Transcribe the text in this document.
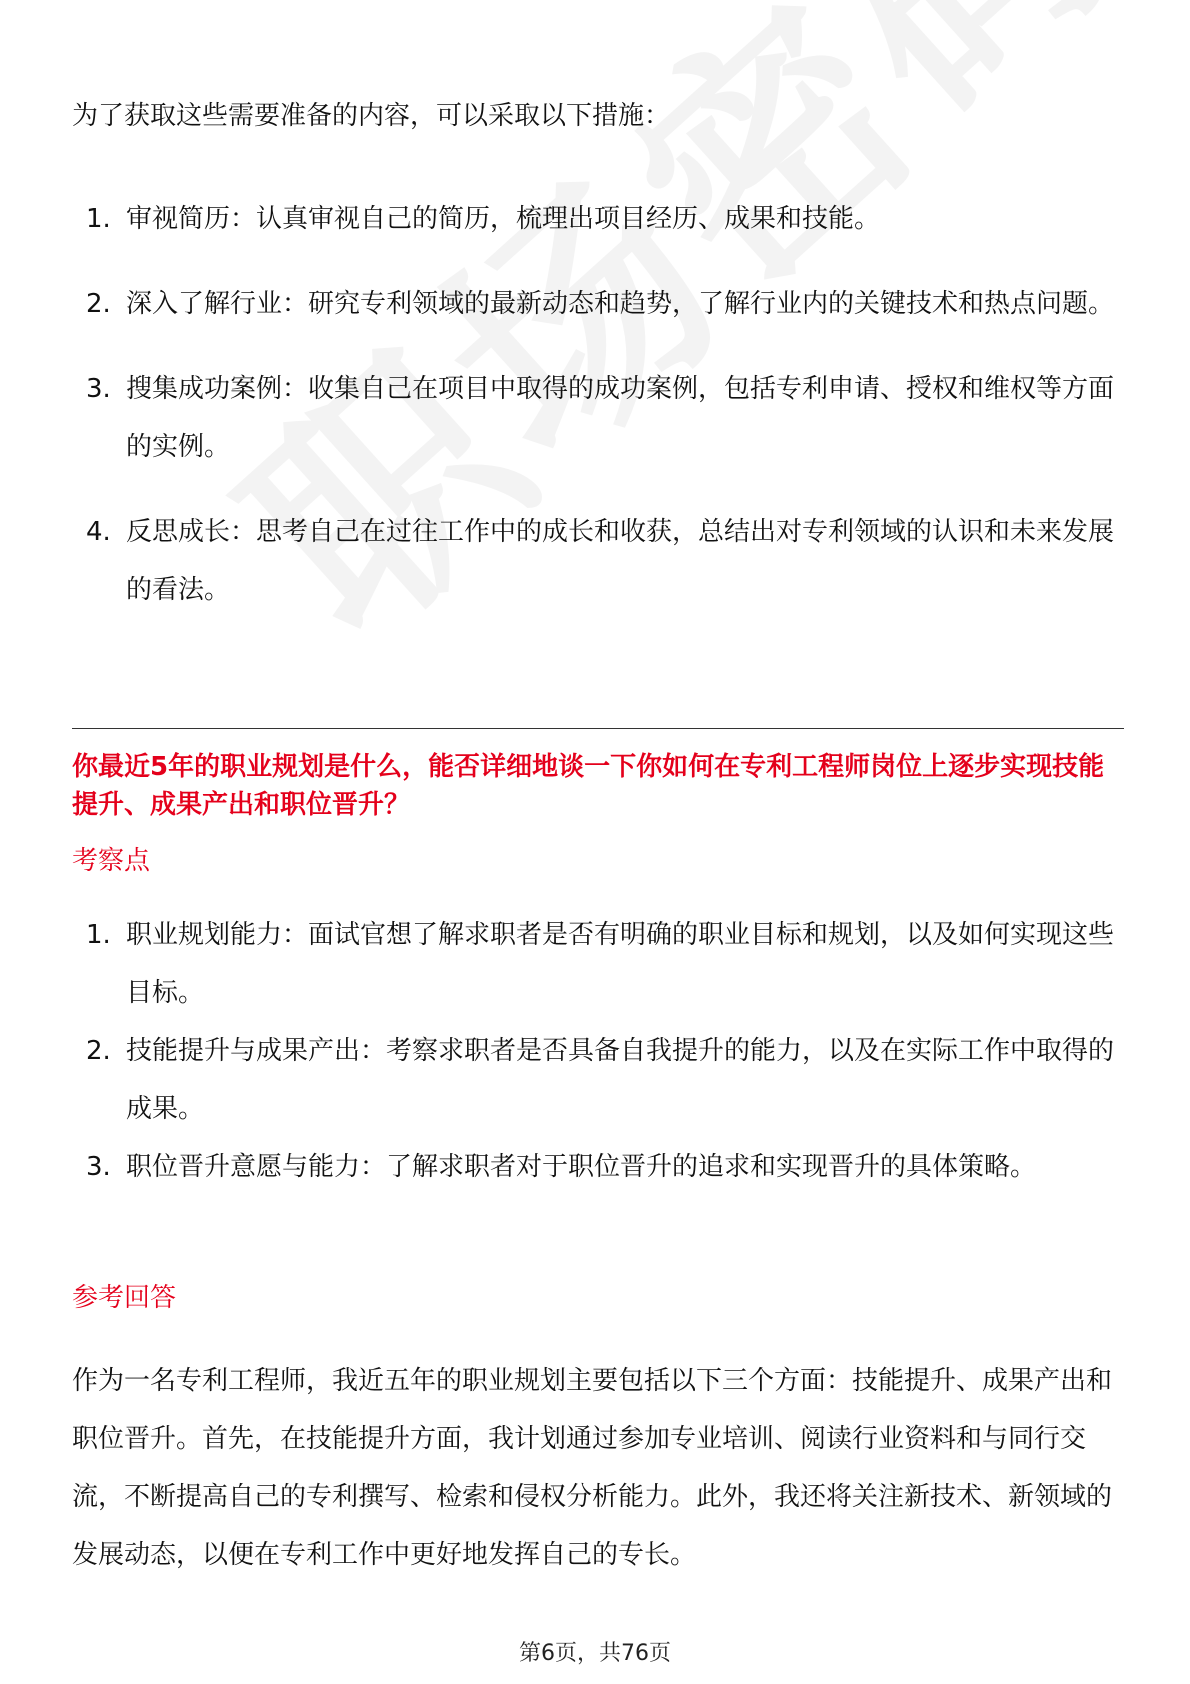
为了获取这些需要准备的内容，可以采取以下措施：

1. 审视简历：认真审视自己的简历，梳理出项目经历、成果和技能。
2. 深入了解行业：研究专利领域的最新动态和趋势，了解行业内的关键技术和热点问题。
3. 搜集成功案例：收集自己在项目中取得的成功案例，包括专利申请、授权和维权等方面的实例。
4. 反思成长：思考自己在过往工作中的成长和收获，总结出对专利领域的认识和未来发展的看法。
你最近5年的职业规划是什么，能否详细地谈一下你如何在专利工程师岗位上逐步实现技能提升、成果产出和职位晋升？
考察点
1. 职业规划能力：面试官想了解求职者是否有明确的职业目标和规划，以及如何实现这些目标。
2. 技能提升与成果产出：考察求职者是否具备自我提升的能力，以及在实际工作中取得的成果。
3. 职位晋升意愿与能力：了解求职者对于职位晋升的追求和实现晋升的具体策略。
参考回答

作为一名专利工程师，我近五年的职业规划主要包括以下三个方面：技能提升、成果产出和职位晋升。首先，在技能提升方面，我计划通过参加专业培训、阅读行业资料和与同行交流，不断提高自己的专利撰写、检索和侵权分析能力。此外，我还将关注新技术、新领域的发展动态，以便在专利工作中更好地发挥自己的专长。

第6页，共76页
